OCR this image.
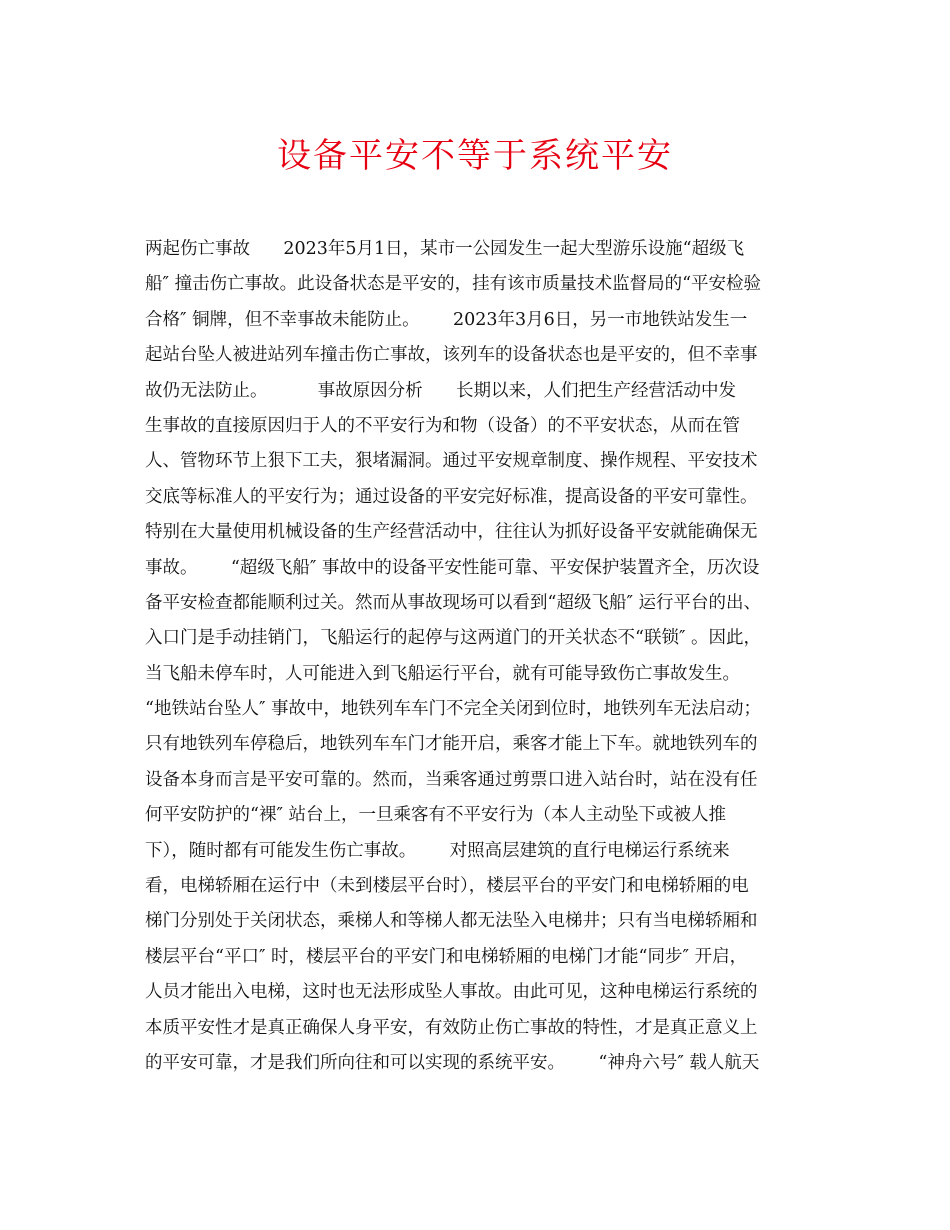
设备平安不等于系统平安
两起伤亡事故      2023年5月1日，某市一公园发生一起大型游乐设施“超级飞
船″ 撞击伤亡事故。此设备状态是平安的，挂有该市质量技术监督局的“平安检验
合格″ 铜牌，但不幸事故未能防止。      2023年3月6日，另一市地铁站发生一
起站台坠人被进站列车撞击伤亡事故，该列车的设备状态也是平安的，但不幸事
故仍无法防止。         事故原因分析      长期以来，人们把生产经营活动中发
生事故的直接原因归于人的不平安行为和物（设备）的不平安状态，从而在管
人、管物环节上狠下工夫，狠堵漏洞。通过平安规章制度、操作规程、平安技术
交底等标准人的平安行为；通过设备的平安完好标准，提高设备的平安可靠性。
特别在大量使用机械设备的生产经营活动中，往往认为抓好设备平安就能确保无
事故。      “超级飞船″ 事故中的设备平安性能可靠、平安保护装置齐全，历次设
备平安检查都能顺利过关。然而从事故现场可以看到“超级飞船″ 运行平台的出、
入口门是手动挂销门，飞船运行的起停与这两道门的开关状态不“联锁″ 。因此，
当飞船未停车时，人可能进入到飞船运行平台，就有可能导致伤亡事故发生。
“地铁站台坠人″ 事故中，地铁列车车门不完全关闭到位时，地铁列车无法启动；
只有地铁列车停稳后，地铁列车车门才能开启，乘客才能上下车。就地铁列车的
设备本身而言是平安可靠的。然而，当乘客通过剪票口进入站台时，站在没有任
何平安防护的“裸″ 站台上，一旦乘客有不平安行为（本人主动坠下或被人推
下），随时都有可能发生伤亡事故。      对照高层建筑的直行电梯运行系统来
看，电梯轿厢在运行中（未到楼层平台时），楼层平台的平安门和电梯轿厢的电
梯门分别处于关闭状态，乘梯人和等梯人都无法坠入电梯井；只有当电梯轿厢和
楼层平台“平口″ 时，楼层平台的平安门和电梯轿厢的电梯门才能“同步″ 开启，
人员才能出入电梯，这时也无法形成坠人事故。由此可见，这种电梯运行系统的
本质平安性才是真正确保人身平安，有效防止伤亡事故的特性，才是真正意义上
的平安可靠，才是我们所向往和可以实现的系统平安。      “神舟六号″ 载人航天
